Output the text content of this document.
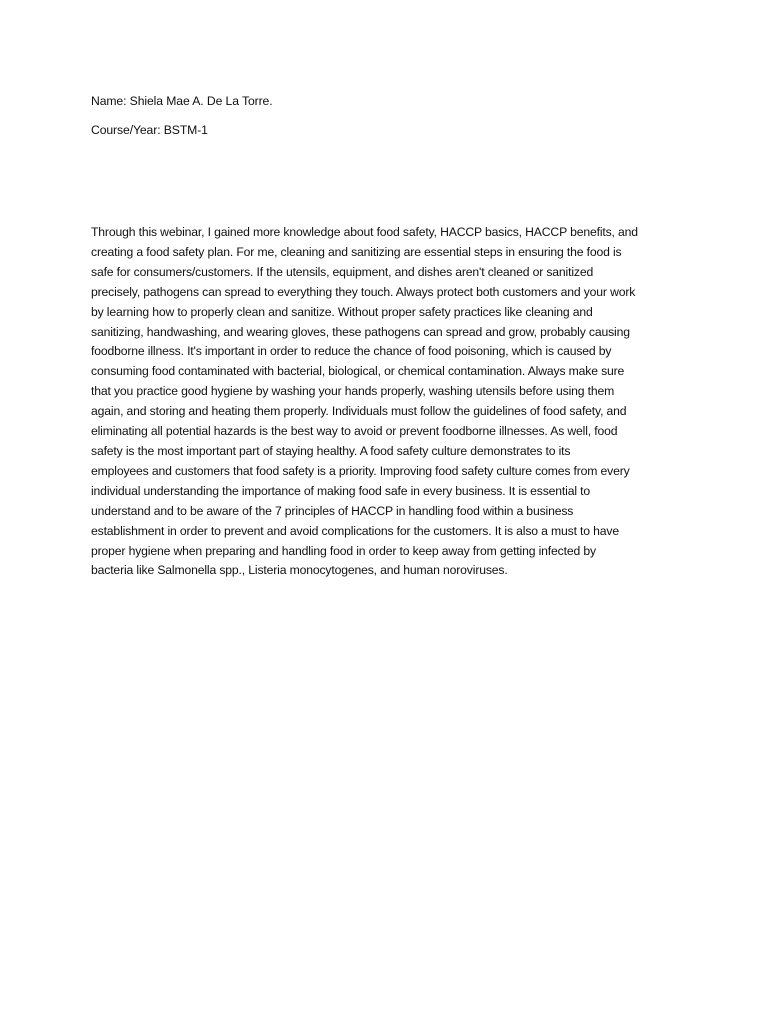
Name: Shiela Mae A. De La Torre.

Course/Year: BSTM-1

Through this webinar, I gained more knowledge about food safety, HACCP basics, HACCP benefits, and
creating a food safety plan. For me, cleaning and sanitizing are essential steps in ensuring the food is
safe for consumers/customers. If the utensils, equipment, and dishes aren't cleaned or sanitized
precisely, pathogens can spread to everything they touch. Always protect both customers and your work
by learning how to properly clean and sanitize. Without proper safety practices like cleaning and
sanitizing, handwashing, and wearing gloves, these pathogens can spread and grow, probably causing
foodborne illness. It's important in order to reduce the chance of food poisoning, which is caused by
consuming food contaminated with bacterial, biological, or chemical contamination. Always make sure
that you practice good hygiene by washing your hands properly, washing utensils before using them
again, and storing and heating them properly. Individuals must follow the guidelines of food safety, and
eliminating all potential hazards is the best way to avoid or prevent foodborne illnesses. As well, food
safety is the most important part of staying healthy. A food safety culture demonstrates to its
employees and customers that food safety is a priority. Improving food safety culture comes from every
individual understanding the importance of making food safe in every business. It is essential to
understand and to be aware of the 7 principles of HACCP in handling food within a business
establishment in order to prevent and avoid complications for the customers. It is also a must to have
proper hygiene when preparing and handling food in order to keep away from getting infected by
bacteria like Salmonella spp., Listeria monocytogenes, and human noroviruses.
